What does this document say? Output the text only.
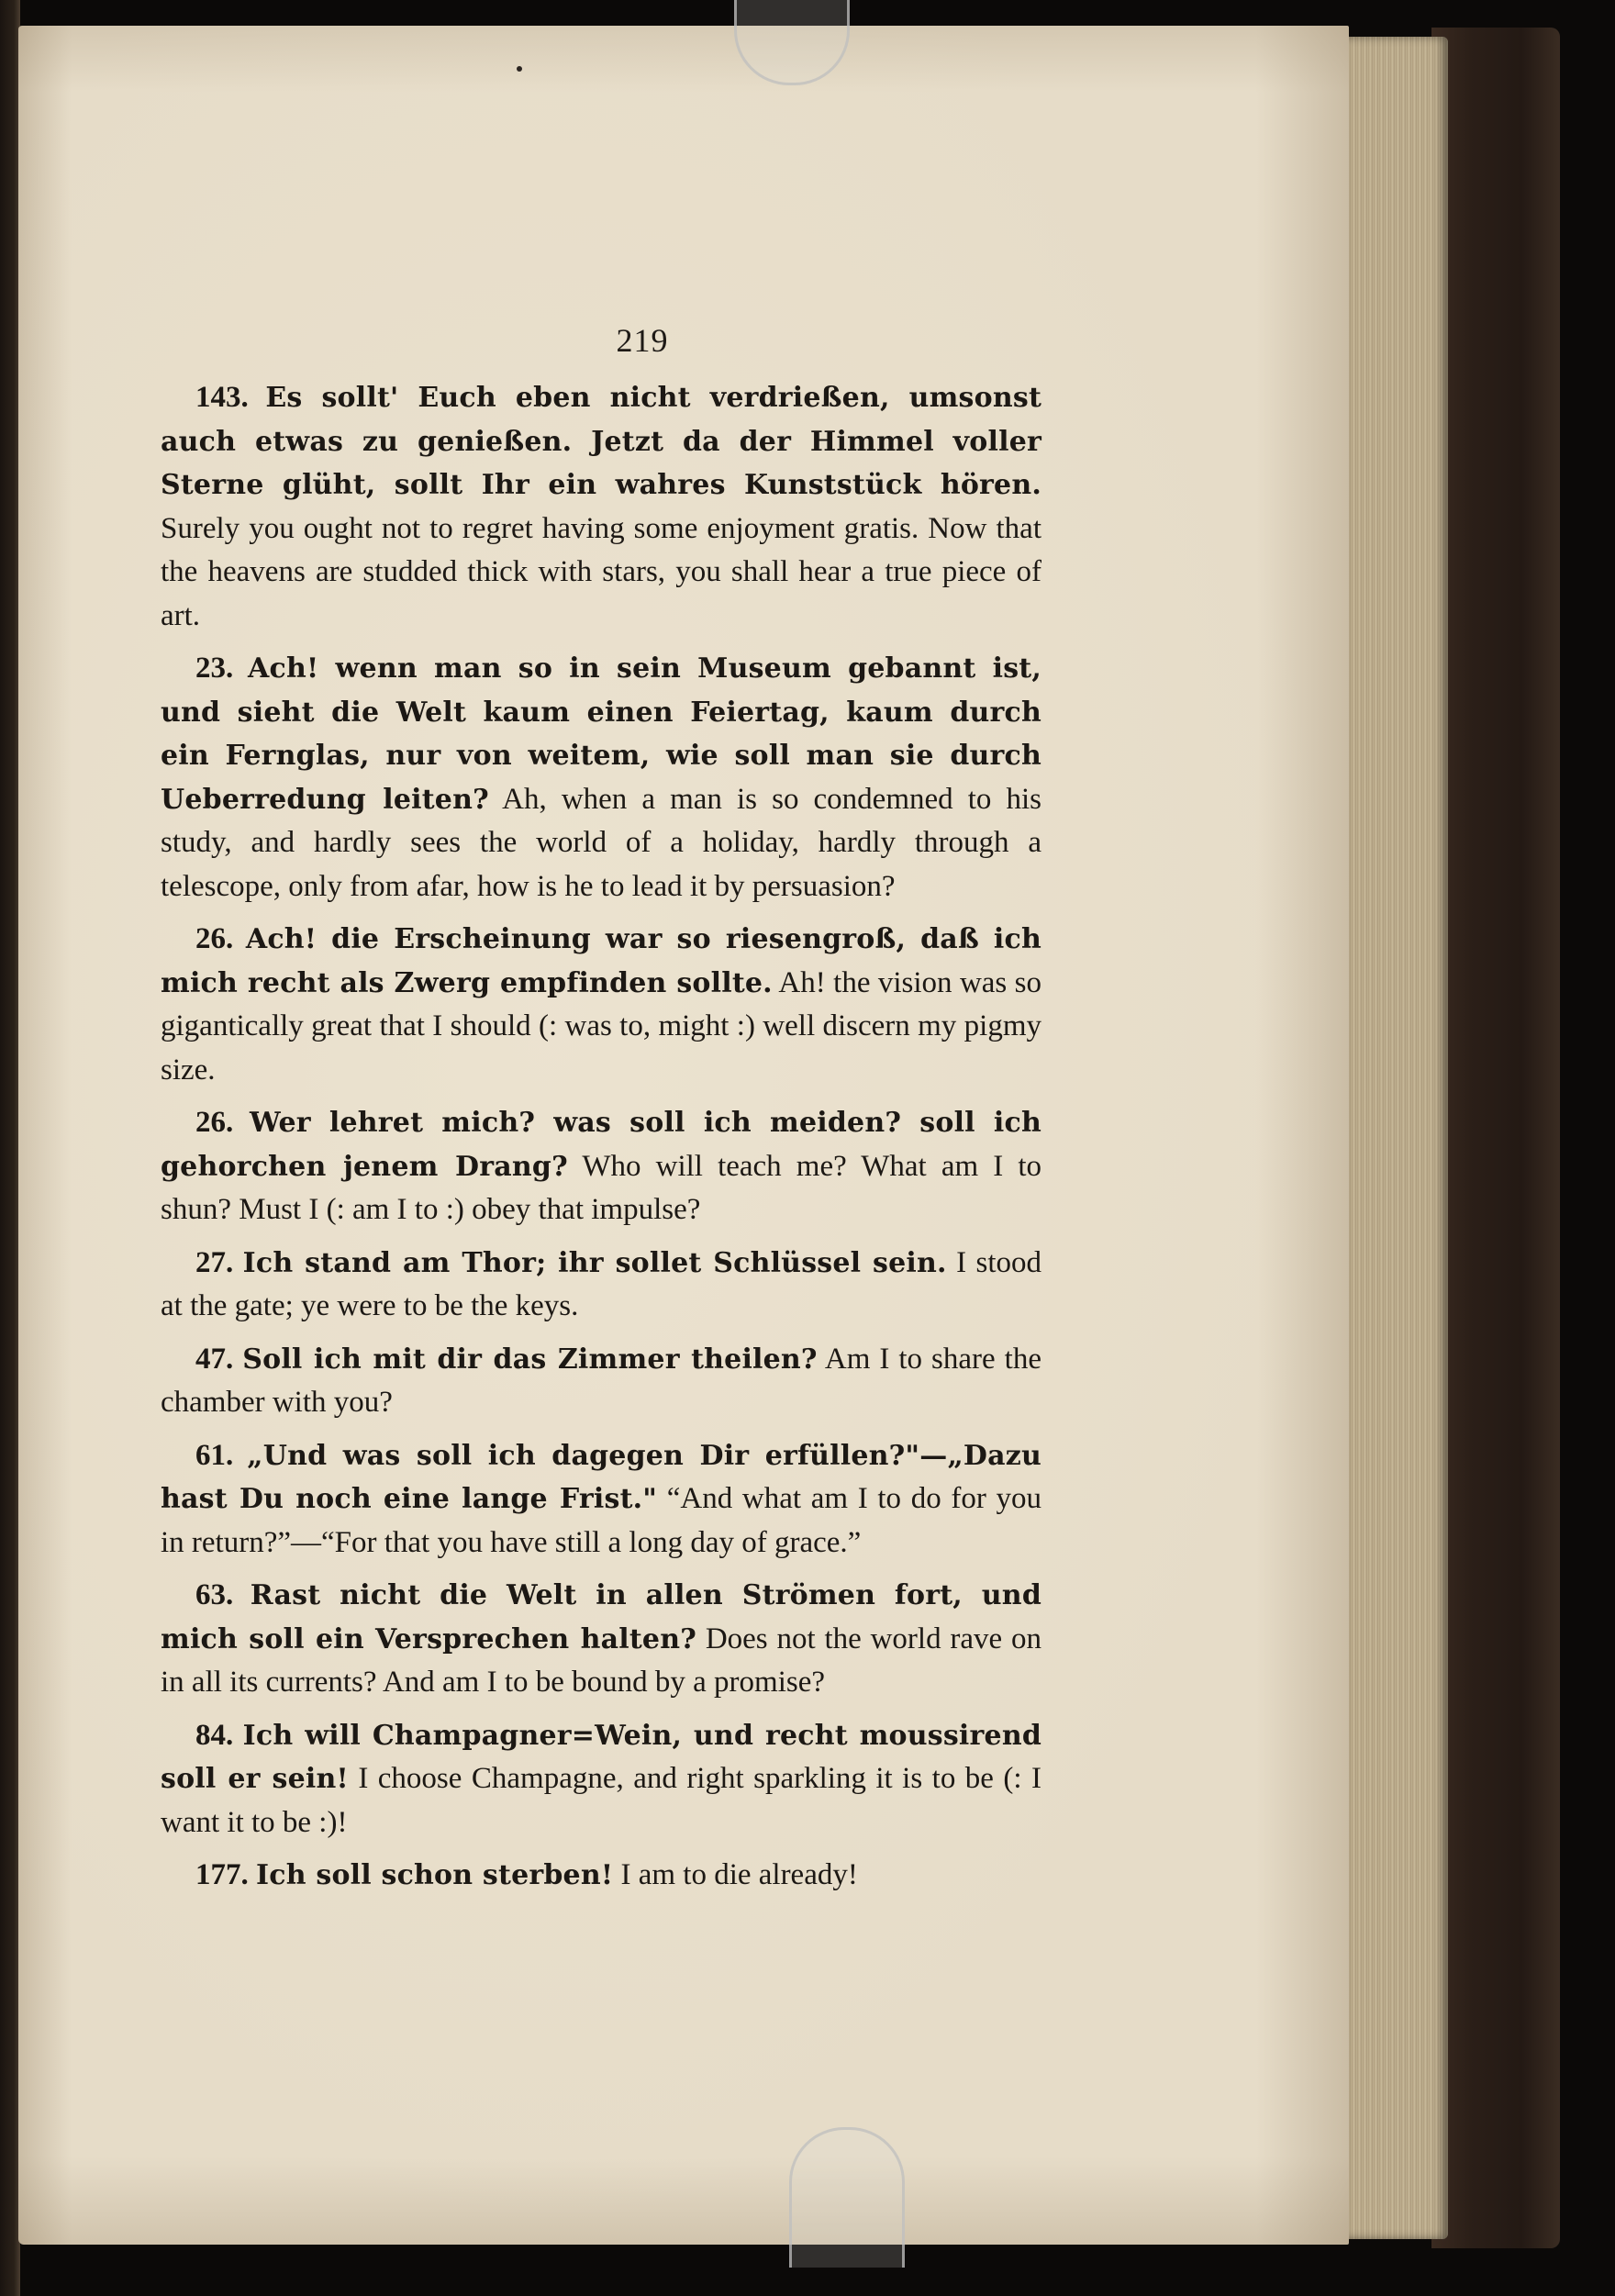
219

143. Es sollt' Euch eben nicht verdrießen, umsonst auch etwas zu genießen. Jetzt da der Himmel voller Sterne glüht, sollt Ihr ein wahres Kunststück hören. Surely you ought not to regret having some enjoyment gratis. Now that the heavens are studded thick with stars, you shall hear a true piece of art.

23. Ach! wenn man so in sein Museum gebannt ist, und sieht die Welt kaum einen Feiertag, kaum durch ein Fernglas, nur von weitem, wie soll man sie durch Ueberredung leiten? Ah, when a man is so condemned to his study, and hardly sees the world of a holiday, hardly through a telescope, only from afar, how is he to lead it by persuasion?

26. Ach! die Erscheinung war so riesengroß, daß ich mich recht als Zwerg empfinden sollte. Ah! the vision was so gigantically great that I should (: was to, might :) well discern my pigmy size.

26. Wer lehret mich? was soll ich meiden? soll ich gehorchen jenem Drang? Who will teach me? What am I to shun? Must I (: am I to :) obey that impulse?

27. Ich stand am Thor; ihr sollet Schlüssel sein. I stood at the gate; ye were to be the keys.

47. Soll ich mit dir das Zimmer theilen? Am I to share the chamber with you?

61. „Und was soll ich dagegen Dir erfüllen?"—„Dazu hast Du noch eine lange Frist." “And what am I to do for you in return?”—“For that you have still a long day of grace.”

63. Rast nicht die Welt in allen Strömen fort, und mich soll ein Versprechen halten? Does not the world rave on in all its currents? And am I to be bound by a promise?

84. Ich will Champagner=Wein, und recht moussirend soll er sein! I choose Champagne, and right sparkling it is to be (: I want it to be :)!

177. Ich soll schon sterben! I am to die already!
